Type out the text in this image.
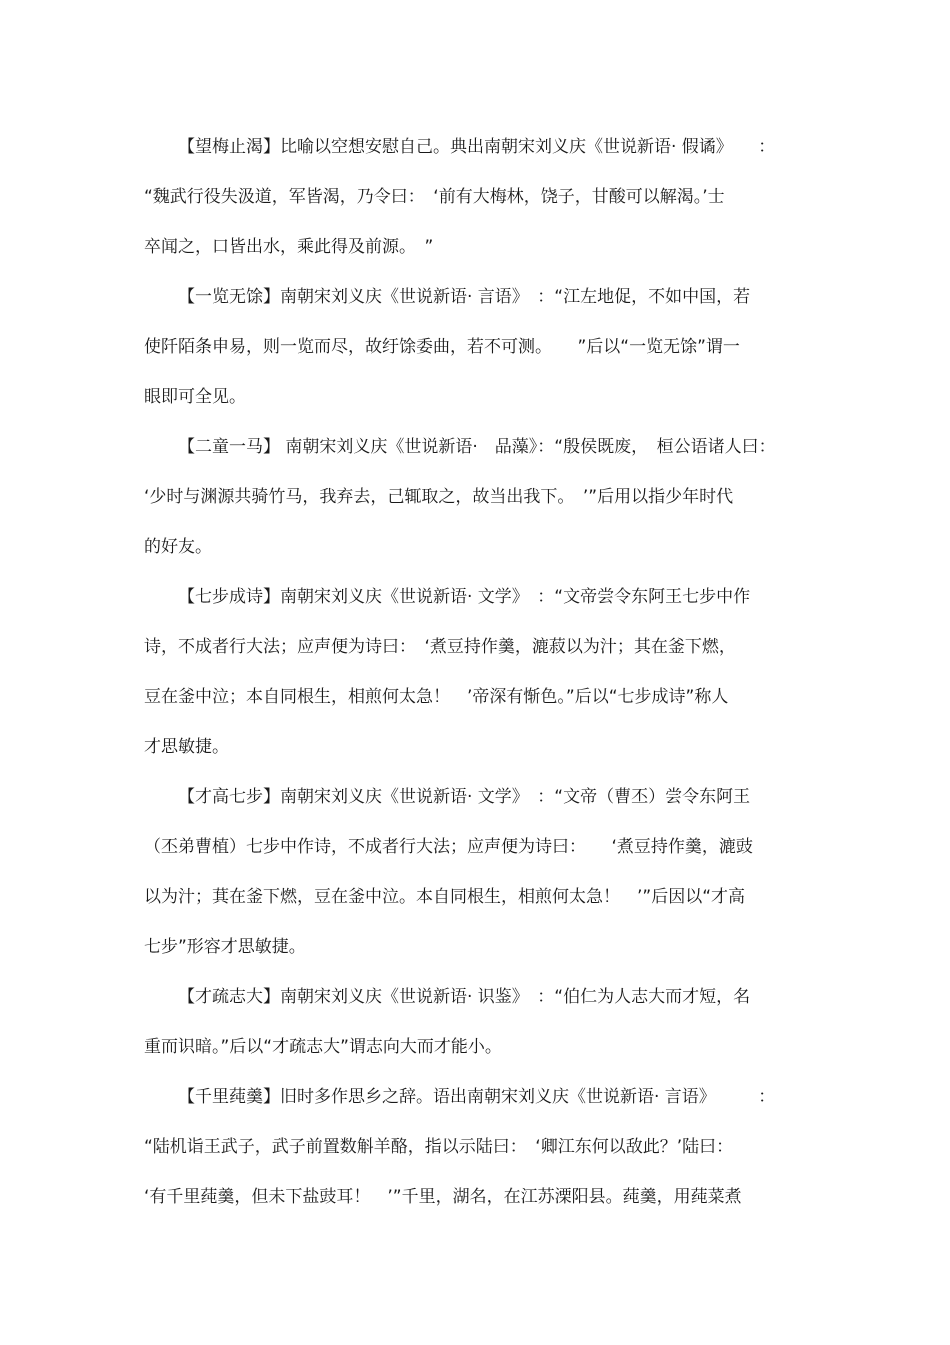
【望梅止渴】比喻以空想安慰自己。典出南朝宋刘义庆《世说新语· 假谲》　　：
“魏武行役失汲道，军皆渴，乃令曰：　‘前有大梅林，饶子，甘酸可以解渴。’士
卒闻之，口皆出水，乘此得及前源。　”
【一览无馀】南朝宋刘义庆《世说新语· 言语》　：“江左地促，不如中国，若
使阡陌条申易，则一览而尽，故纡馀委曲，若不可测。　　”后以“一览无馀”谓一
眼即可全见。
【二童一马】 南朝宋刘义庆《世说新语·　品藻》：“殷侯既废，　桓公语诸人曰：
‘少时与渊源共骑竹马，我弃去，己辄取之，故当出我下。　’”后用以指少年时代
的好友。
【七步成诗】南朝宋刘义庆《世说新语· 文学》　：“文帝尝令东阿王七步中作
诗，不成者行大法；应声便为诗曰：　‘煮豆持作羹，漉菽以为汁；其在釜下燃，
豆在釜中泣；本自同根生，相煎何太急！　’帝深有惭色。”后以“七步成诗”称人
才思敏捷。
【才高七步】南朝宋刘义庆《世说新语· 文学》　：“文帝（曹丕）尝令东阿王
（丕弟曹植）七步中作诗，不成者行大法；应声便为诗曰：　　‘煮豆持作羹，漉豉
以为汁；萁在釜下燃，豆在釜中泣。本自同根生，相煎何太急！　’”后因以“才高
七步”形容才思敏捷。
【才疏志大】南朝宋刘义庆《世说新语· 识鉴》　：“伯仁为人志大而才短，名
重而识暗。”后以“才疏志大”谓志向大而才能小。
【千里莼羹】旧时多作思乡之辞。语出南朝宋刘义庆《世说新语· 言语》　　　：
“陆机诣王武子，武子前置数斛羊酪，指以示陆曰：　‘卿江东何以敌此？’陆曰：
‘有千里莼羹，但未下盐豉耳！　’”千里，湖名，在江苏溧阳县。莼羹，用莼菜煮
